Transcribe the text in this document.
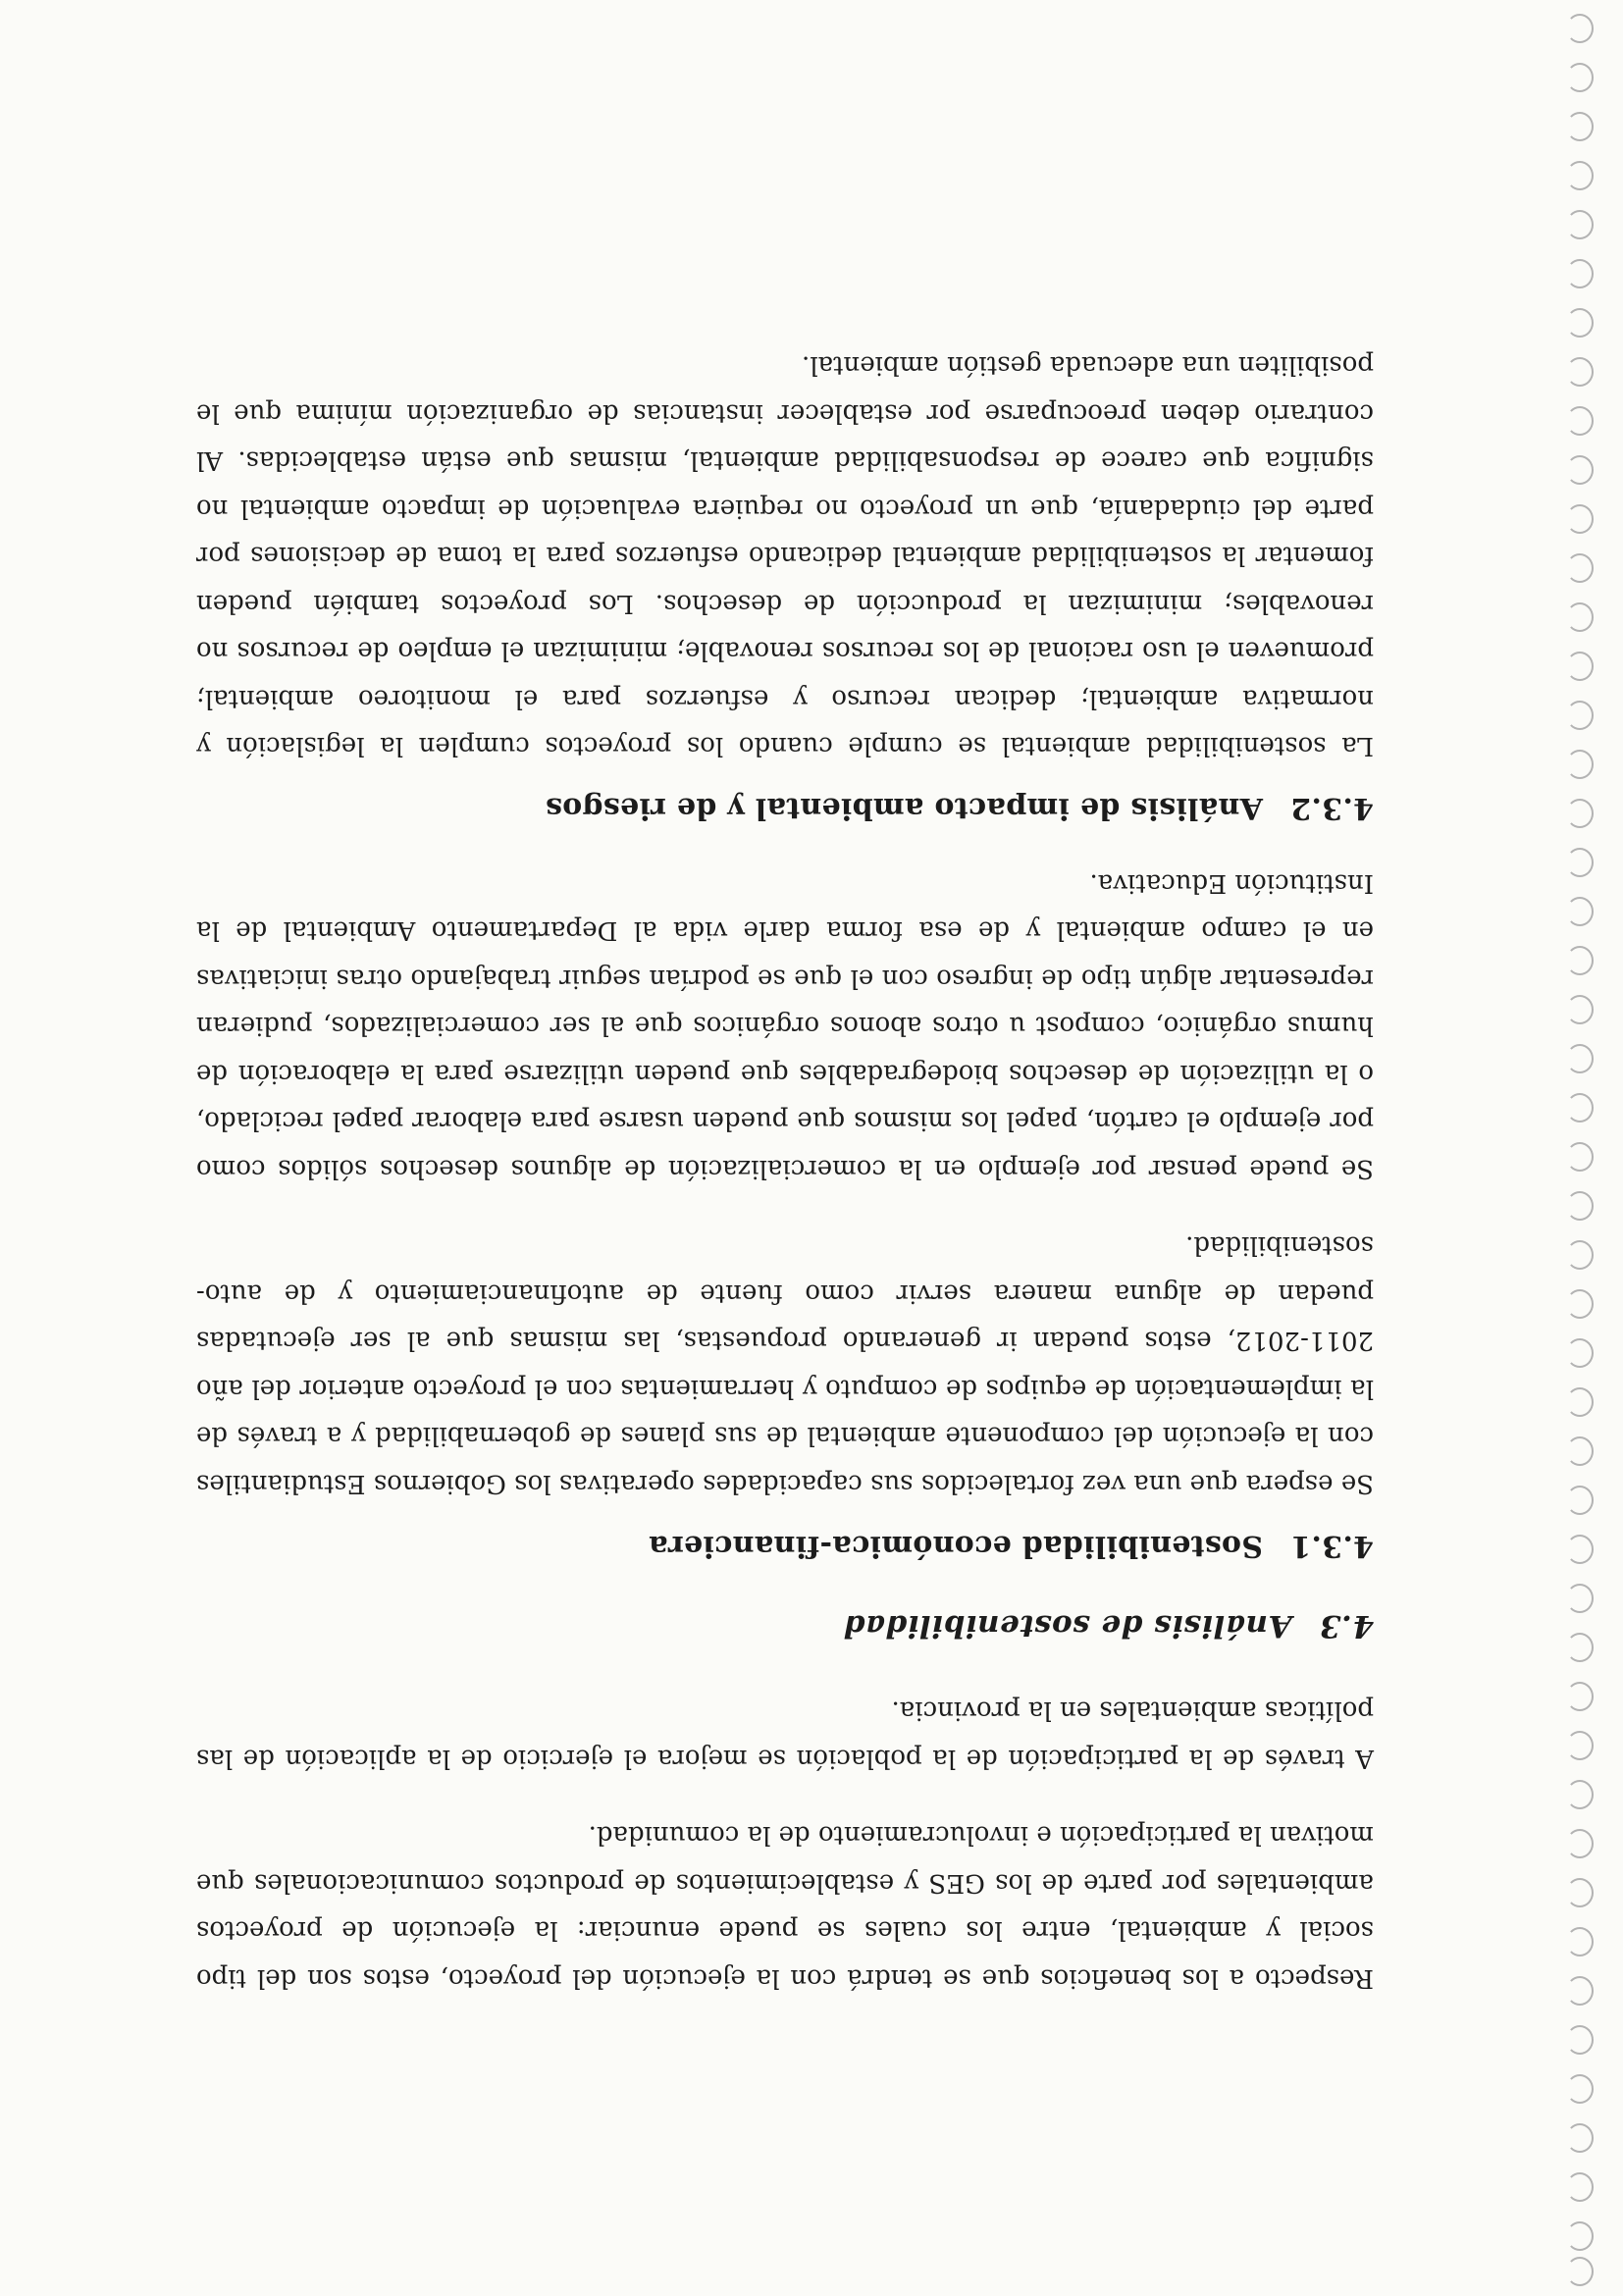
Respecto a los beneficios que se tendrá con la ejecución del proyecto, estos son del tipo social y ambiental, entre los cuales se puede enunciar: la ejecución de proyectos ambientales por parte de los GES y establecimientos de productos comunicacionales que motivan la participación e involucramiento de la comunidad.

A través de la participación de la población se mejora el ejercicio de la aplicación de las políticas ambientales en la provincia.

4.3Análisis de sostenibilidad
4.3.1Sostenibilidad económica-financiera

Se espera que una vez fortalecidos sus capacidades operativas los Gobiernos Estudiantiles con la ejecución del componente ambiental de sus planes de gobernabilidad y a través de la implementación de equipos de computo y herramientas con el proyecto anterior del año 2011-2012, estos puedan ir generando propuestas, las mismas que al ser ejecutadas puedan de alguna manera servir como fuente de autofinanciamiento y de auto-sostenibilidad.

Se puede pensar por ejemplo en la comercialización de algunos desechos sólidos como por ejemplo el cartón, papel los mismos que pueden usarse para elaborar papel reciclado, o la utilización de desechos biodegradables que pueden utilizarse para la elaboración de humus orgánico, compost u otros abonos orgánicos que al ser comercializados, pudieran representar algún tipo de ingreso con el que se podrían seguir trabajando otras iniciativas en el campo ambiental y de esa forma darle vida al Departamento Ambiental de la Institución Educativa.

4.3.2Análisis de impacto ambiental y de riesgos

La sostenibilidad ambiental se cumple cuando los proyectos cumplen la legislación y normativa ambiental; dedican recurso y esfuerzos para el monitoreo ambiental; promueven el uso racional de los recursos renovable; minimizan el empleo de recursos no renovables; minimizan la producción de desechos. Los proyectos también pueden fomentar la sostenibilidad ambiental dedicando esfuerzos para la toma de decisiones por parte del ciudadanía, que un proyecto no requiera evaluación de impacto ambiental no significa que carece de responsabilidad ambiental, mismas que están establecidas. Al contrario deben preocuparse por establecer instancias de organización mínima que le posibiliten una adecuada gestión ambiental.
